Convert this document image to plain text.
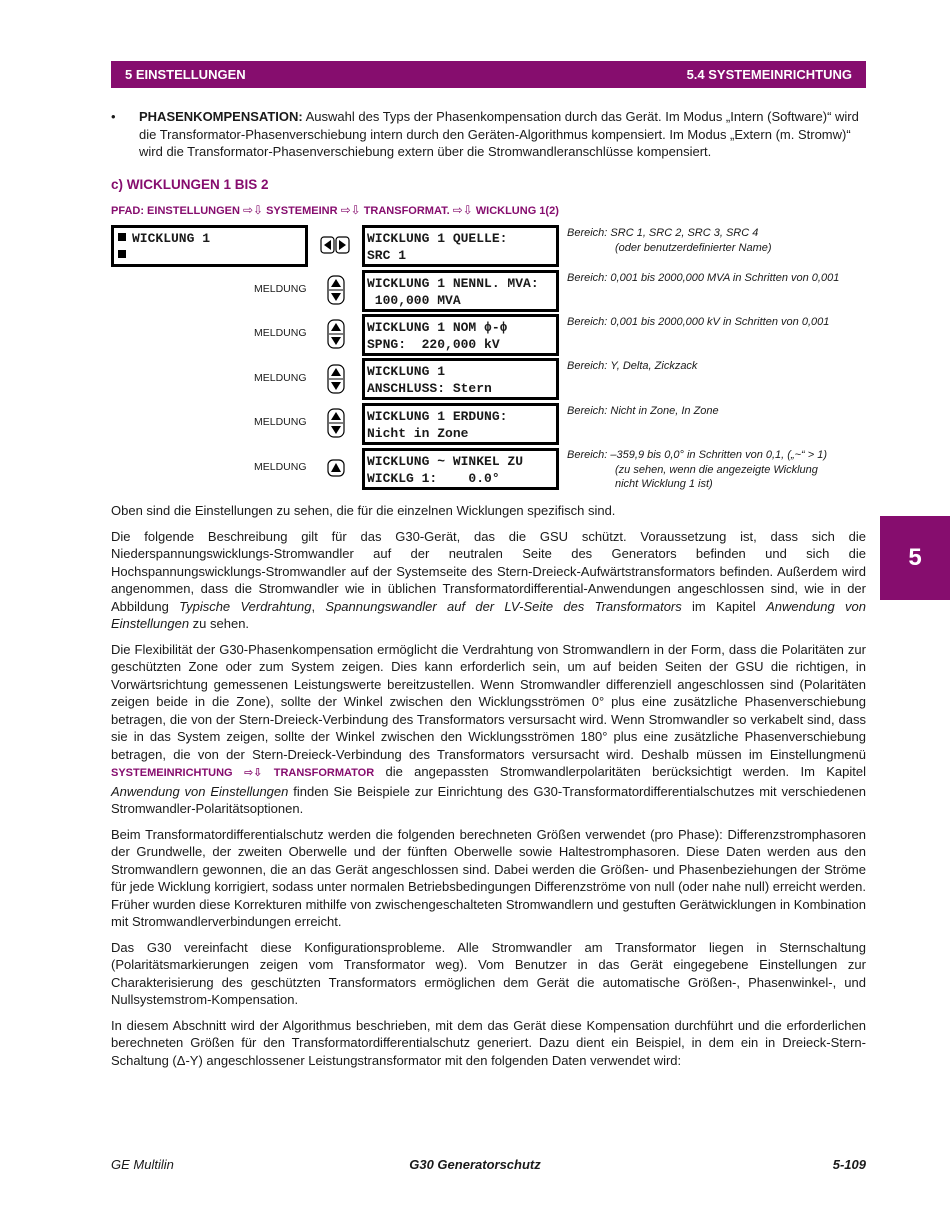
5 EINSTELLUNGEN	5.4 SYSTEMEINRICHTUNG
5
• PHASENKOMPENSATION: Auswahl des Typs der Phasenkompensation durch das Gerät. Im Modus „Intern (Software)“ wird die Transformator-Phasenverschiebung intern durch den Geräten-Algorithmus kompensiert. Im Modus „Extern (m. Stromw)“ wird die Transformator-Phasenverschiebung extern über die Stromwandleranschlüsse kompensiert.
c) WICKLUNGEN 1 BIS 2
PFAD: EINSTELLUNGEN ⇨⇩ SYSTEMEINR ⇨⇩ TRANSFORMAT. ⇨⇩ WICKLUNG 1(2)
WICKLUNG 1	WICKLUNG 1 QUELLE:
SRC 1
Bereich: SRC 1, SRC 2, SRC 3, SRC 4
(oder benutzerdefinierter Name)
MELDUNG	WICKLUNG 1 NENNL. MVA:
100,000 MVA
Bereich: 0,001 bis 2000,000 MVA in Schritten von 0,001
MELDUNG	WICKLUNG 1 NOM ϕ-ϕ
SPNG:  220,000 kV
Bereich: 0,001 bis 2000,000 kV in Schritten von 0,001
MELDUNG	WICKLUNG 1
ANSCHLUSS: Stern
Bereich: Y, Delta, Zickzack
MELDUNG	WICKLUNG 1 ERDUNG:
Nicht in Zone
Bereich: Nicht in Zone, In Zone
MELDUNG	WICKLUNG ~ WINKEL ZU
WICKLG 1:    0.0°
Bereich: –359,9 bis 0,0° in Schritten von 0,1, („~“ > 1)
(zu sehen, wenn die angezeigte Wicklung
nicht Wicklung 1 ist)

Oben sind die Einstellungen zu sehen, die für die einzelnen Wicklungen spezifisch sind.

Die folgende Beschreibung gilt für das G30-Gerät, das die GSU schützt. Voraussetzung ist, dass sich die Niederspannungswicklungs-Stromwandler auf der neutralen Seite des Generators befinden und sich die Hochspannungswicklungs-Stromwandler auf der Systemseite des Stern-Dreieck-Aufwärtstransformators befinden. Außerdem wird angenommen, dass die Stromwandler wie in üblichen Transformatordifferential-Anwendungen angeschlossen sind, wie in der Abbildung Typische Verdrahtung, Spannungswandler auf der LV-Seite des Transformators im Kapitel Anwendung von Einstellungen zu sehen.

Die Flexibilität der G30-Phasenkompensation ermöglicht die Verdrahtung von Stromwandlern in der Form, dass die Polaritäten zur geschützten Zone oder zum System zeigen. Dies kann erforderlich sein, um auf beiden Seiten der GSU die richtigen, in Vorwärtsrichtung gemessenen Leistungswerte bereitzustellen. Wenn Stromwandler differenziell angeschlossen sind (Polaritäten zeigen beide in die Zone), sollte der Winkel zwischen den Wicklungsströmen 0° plus eine zusätzliche Phasenverschiebung betragen, die von der Stern-Dreieck-Verbindung des Transformators versursacht wird. Wenn Stromwandler so verkabelt sind, dass sie in das System zeigen, sollte der Winkel zwischen den Wicklungsströmen 180° plus eine zusätzliche Phasenverschiebung betragen, die von der Stern-Dreieck-Verbindung des Transformators versursacht wird. Deshalb müssen im Einstellungmenü SYSTEMEINRICHTUNG ⇨⇩ TRANSFORMATOR die angepassten Stromwandlerpolaritäten berücksichtigt werden. Im Kapitel Anwendung von Einstellungen finden Sie Beispiele zur Einrichtung des G30-Transformatordifferentialschutzes mit verschiedenen Stromwandler-Polaritätsoptionen.

Beim Transformatordifferentialschutz werden die folgenden berechneten Größen verwendet (pro Phase): Differenzstromphasoren der Grundwelle, der zweiten Oberwelle und der fünften Oberwelle sowie Haltestromphasoren. Diese Daten werden aus den Stromwandlern gewonnen, die an das Gerät angeschlossen sind. Dabei werden die Größen- und Phasenbeziehungen der Ströme für jede Wicklung korrigiert, sodass unter normalen Betriebsbedingungen Differenzströme von null (oder nahe null) erreicht werden. Früher wurden diese Korrekturen mithilfe von zwischengeschalteten Stromwandlern und gestuften Gerätwicklungen in Kombination mit Stromwandlerverbindungen erreicht.

Das G30 vereinfacht diese Konfigurationsprobleme. Alle Stromwandler am Transformator liegen in Sternschaltung (Polaritätsmarkierungen zeigen vom Transformator weg). Vom Benutzer in das Gerät eingegebene Einstellungen zur Charakterisierung des geschützten Transformators ermöglichen dem Gerät die automatische Größen-, Phasenwinkel-, und Nullsystemstrom-Kompensation.

In diesem Abschnitt wird der Algorithmus beschrieben, mit dem das Gerät diese Kompensation durchführt und die erforderlichen berechneten Größen für den Transformatordifferentialschutz generiert. Dazu dient ein Beispiel, in dem ein in Dreieck-Stern-Schaltung (Δ-Y) angeschlossener Leistungstransformator mit den folgenden Daten verwendet wird:

GE Multilin	G30 Generatorschutz	5-109
